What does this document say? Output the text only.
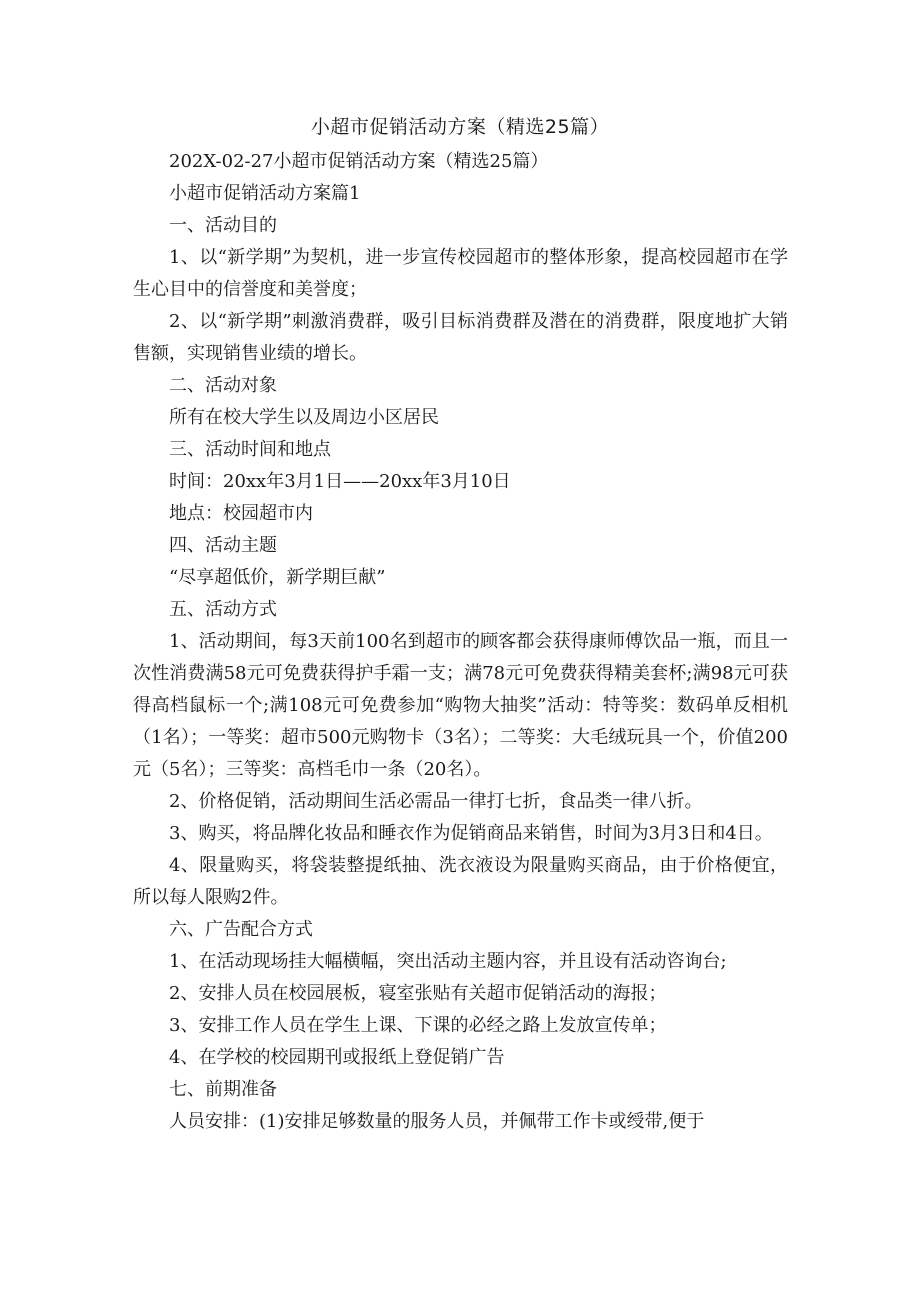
小超市促销活动方案（精选25篇）

202X-02-27小超市促销活动方案（精选25篇）

小超市促销活动方案篇1

一、活动目的

1、以“新学期”为契机，进一步宣传校园超市的整体形象，提高校园超市在学生心目中的信誉度和美誉度；

2、以“新学期”刺激消费群，吸引目标消费群及潜在的消费群，限度地扩大销售额，实现销售业绩的增长。

二、活动对象

所有在校大学生以及周边小区居民

三、活动时间和地点

时间：20xx年3月1日——20xx年3月10日

地点：校园超市内

四、活动主题

“尽享超低价，新学期巨献”

五、活动方式

1、活动期间，每3天前100名到超市的顾客都会获得康师傅饮品一瓶，而且一次性消费满58元可免费获得护手霜一支；满78元可免费获得精美套杯;满98元可获得高档鼠标一个;满108元可免费参加“购物大抽奖”活动：特等奖：数码单反相机（1名）；一等奖：超市500元购物卡（3名）；二等奖：大毛绒玩具一个，价值200元（5名）；三等奖：高档毛巾一条（20名）。

2、价格促销，活动期间生活必需品一律打七折，食品类一律八折。

3、购买，将品牌化妆品和睡衣作为促销商品来销售，时间为3月3日和4日。

4、限量购买，将袋装整提纸抽、洗衣液设为限量购买商品，由于价格便宜，所以每人限购2件。

六、广告配合方式

1、在活动现场挂大幅横幅，突出活动主题内容，并且设有活动咨询台;

2、安排人员在校园展板，寝室张贴有关超市促销活动的海报；

3、安排工作人员在学生上课、下课的必经之路上发放宣传单；

4、在学校的校园期刊或报纸上登促销广告

七、前期准备

人员安排：(1)安排足够数量的服务人员，并佩带工作卡或绶带,便于
